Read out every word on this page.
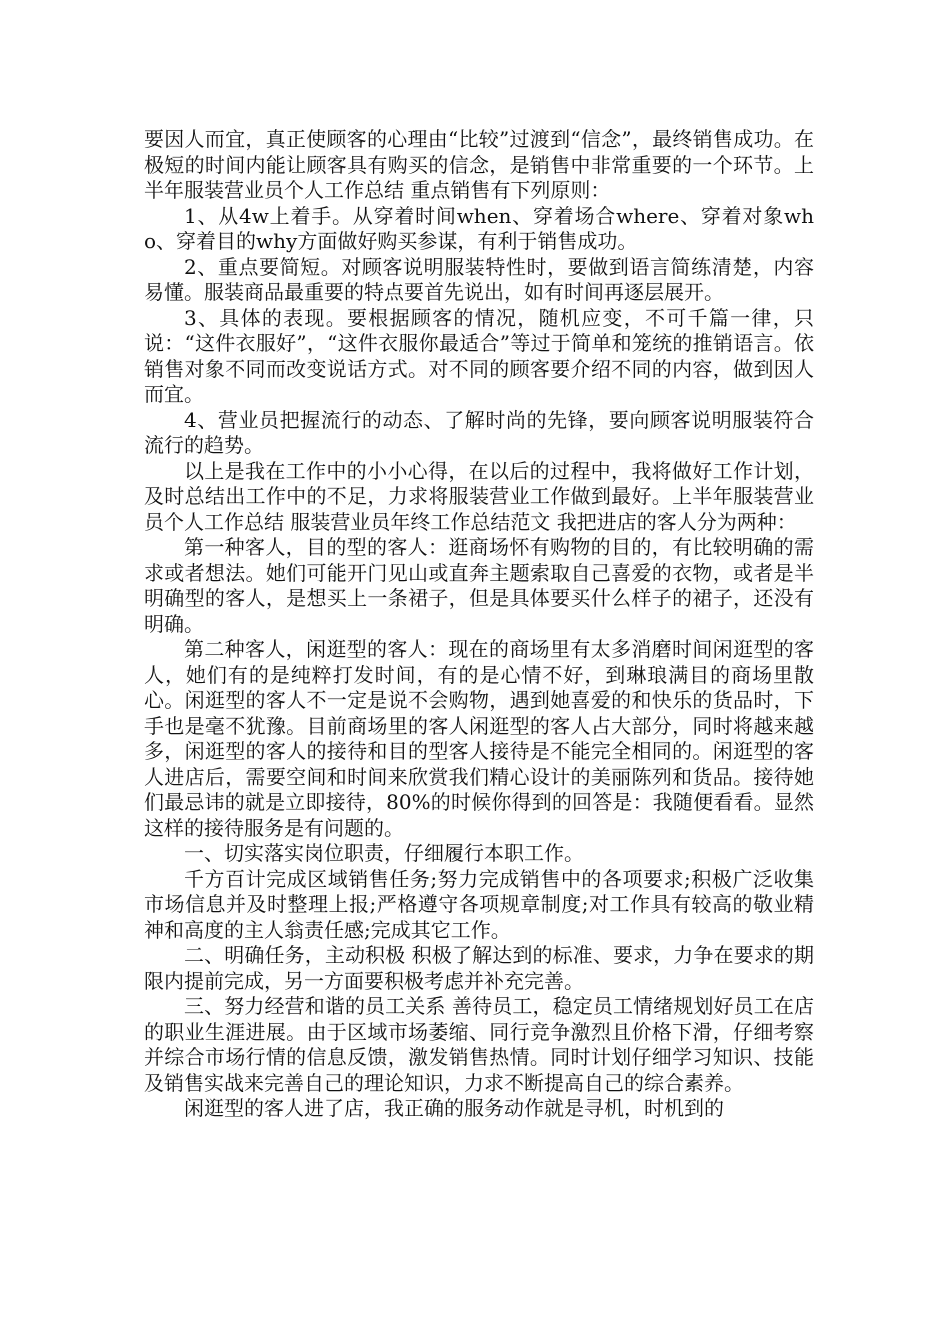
要因人而宜，真正使顾客的心理由“比较”过渡到“信念”，最终销售成功。在极短的时间内能让顾客具有购买的信念，是销售中非常重要的一个环节。上半年服装营业员个人工作总结 重点销售有下列原则：

1、从4w上着手。从穿着时间when、穿着场合where、穿着对象who、穿着目的why方面做好购买参谋，有利于销售成功。

2、重点要简短。对顾客说明服装特性时，要做到语言简练清楚，内容易懂。服装商品最重要的特点要首先说出，如有时间再逐层展开。

3、具体的表现。要根据顾客的情况，随机应变，不可千篇一律，只说：“这件衣服好”，“这件衣服你最适合”等过于简单和笼统的推销语言。依销售对象不同而改变说话方式。对不同的顾客要介绍不同的内容，做到因人而宜。

4、营业员把握流行的动态、了解时尚的先锋，要向顾客说明服装符合流行的趋势。

以上是我在工作中的小小心得，在以后的过程中，我将做好工作计划，及时总结出工作中的不足，力求将服装营业工作做到最好。上半年服装营业员个人工作总结 服装营业员年终工作总结范文 我把进店的客人分为两种：

第一种客人，目的型的客人：逛商场怀有购物的目的，有比较明确的需求或者想法。她们可能开门见山或直奔主题索取自己喜爱的衣物，或者是半明确型的客人，是想买上一条裙子，但是具体要买什么样子的裙子，还没有明确。

第二种客人，闲逛型的客人：现在的商场里有太多消磨时间闲逛型的客人，她们有的是纯粹打发时间，有的是心情不好，到琳琅满目的商场里散心。闲逛型的客人不一定是说不会购物，遇到她喜爱的和快乐的货品时，下手也是毫不犹豫。目前商场里的客人闲逛型的客人占大部分，同时将越来越多，闲逛型的客人的接待和目的型客人接待是不能完全相同的。闲逛型的客人进店后，需要空间和时间来欣赏我们精心设计的美丽陈列和货品。接待她们最忌讳的就是立即接待，80%的时候你得到的回答是：我随便看看。显然这样的接待服务是有问题的。

一、切实落实岗位职责，仔细履行本职工作。

千方百计完成区域销售任务;努力完成销售中的各项要求;积极广泛收集市场信息并及时整理上报;严格遵守各项规章制度;对工作具有较高的敬业精神和高度的主人翁责任感;完成其它工作。

二、明确任务，主动积极 积极了解达到的标准、要求，力争在要求的期限内提前完成，另一方面要积极考虑并补充完善。

三、努力经营和谐的员工关系 善待员工，稳定员工情绪规划好员工在店的职业生涯进展。由于区域市场萎缩、同行竞争激烈且价格下滑，仔细考察并综合市场行情的信息反馈，激发销售热情。同时计划仔细学习知识、技能及销售实战来完善自己的理论知识，力求不断提高自己的综合素养。

闲逛型的客人进了店，我正确的服务动作就是寻机，时机到的
